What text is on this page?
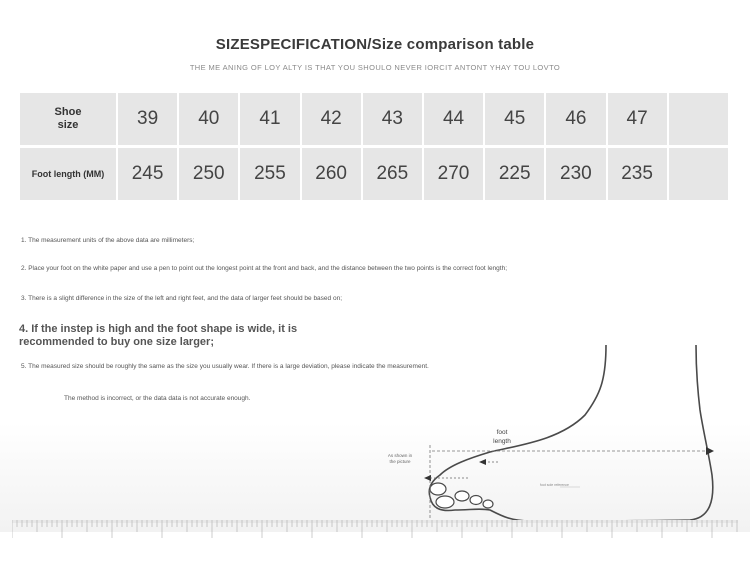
SIZESPECIFICATION/Size comparison table
THE ME ANING OF LOY ALTY IS THAT YOU SHOULO NEVER IORCIT ANTONT YHAY TOU LOVTO
Shoe
size	39	40	41	42	43	44	45	46	47	
Foot length (MM)	245	250	255	260	265	270	225	230	235	
1. The measurement units of the above data are millimeters;
2. Place your foot on the white paper and use a pen to point out the longest point at the front and back, and the distance between the two points is the correct foot length;
3. There is a slight difference in the size of the left and right feet, and the data of larger feet should be based on;
4. If the instep is high and the foot shape is wide, it is recommended to buy one size larger;
5. The measured size should be roughly the same as the size you usually wear. If there is a large deviation, please indicate the measurement.
The method is incorrect, or the data data is not accurate enough.
foot
length
As shown in
the picture
foot sole reference
